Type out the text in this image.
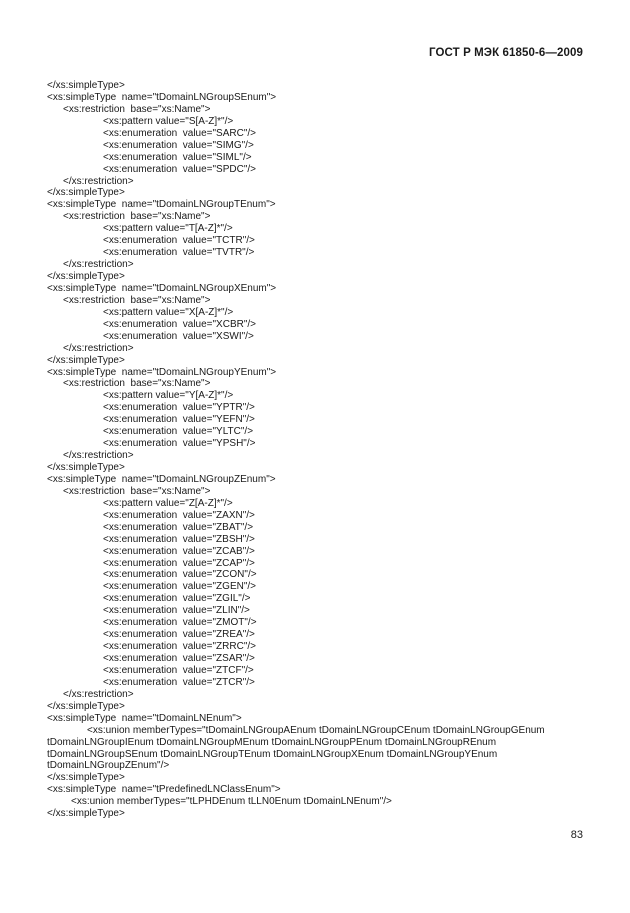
ГОСТ Р МЭК 61850-6—2009
</xs:simpleType>
<xs:simpleType  name="tDomainLNGroupSEnum">
<xs:restriction  base="xs:Name">
<xs:pattern value="S[A-Z]*"/>
<xs:enumeration  value="SARC"/>
<xs:enumeration  value="SIMG"/>
<xs:enumeration  value="SIML"/>
<xs:enumeration  value="SPDC"/>
</xs:restriction>
</xs:simpleType>
<xs:simpleType  name="tDomainLNGroupTEnum">
<xs:restriction  base="xs:Name">
<xs:pattern value="T[A-Z]*"/>
<xs:enumeration  value="TCTR"/>
<xs:enumeration  value="TVTR"/>
</xs:restriction>
</xs:simpleType>
<xs:simpleType  name="tDomainLNGroupXEnum">
<xs:restriction  base="xs:Name">
<xs:pattern value="X[A-Z]*"/>
<xs:enumeration  value="XCBR"/>
<xs:enumeration  value="XSWI"/>
</xs:restriction>
</xs:simpleType>
<xs:simpleType  name="tDomainLNGroupYEnum">
<xs:restriction  base="xs:Name">
<xs:pattern value="Y[A-Z]*"/>
<xs:enumeration  value="YPTR"/>
<xs:enumeration  value="YEFN"/>
<xs:enumeration  value="YLTC"/>
<xs:enumeration  value="YPSH"/>
</xs:restriction>
</xs:simpleType>
<xs:simpleType  name="tDomainLNGroupZEnum">
<xs:restriction  base="xs:Name">
<xs:pattern value="Z[A-Z]*"/>
<xs:enumeration  value="ZAXN"/>
<xs:enumeration  value="ZBAT"/>
<xs:enumeration  value="ZBSH"/>
<xs:enumeration  value="ZCAB"/>
<xs:enumeration  value="ZCAP"/>
<xs:enumeration  value="ZCON"/>
<xs:enumeration  value="ZGEN"/>
<xs:enumeration  value="ZGIL"/>
<xs:enumeration  value="ZLIN"/>
<xs:enumeration  value="ZMOT"/>
<xs:enumeration  value="ZREA"/>
<xs:enumeration  value="ZRRC"/>
<xs:enumeration  value="ZSAR"/>
<xs:enumeration  value="ZTCF"/>
<xs:enumeration  value="ZTCR"/>
</xs:restriction>
</xs:simpleType>
<xs:simpleType  name="tDomainLNEnum">
<xs:union memberTypes="tDomainLNGroupAEnum tDomainLNGroupCEnum tDomainLNGroupGEnum
tDomainLNGroupIEnum tDomainLNGroupMEnum tDomainLNGroupPEnum tDomainLNGroupREnum
tDomainLNGroupSEnum tDomainLNGroupTEnum tDomainLNGroupXEnum tDomainLNGroupYEnum
tDomainLNGroupZEnum"/>
</xs:simpleType>
<xs:simpleType  name="tPredefinedLNClassEnum">
<xs:union memberTypes="tLPHDEnum tLLN0Enum tDomainLNEnum"/>
</xs:simpleType>
83
